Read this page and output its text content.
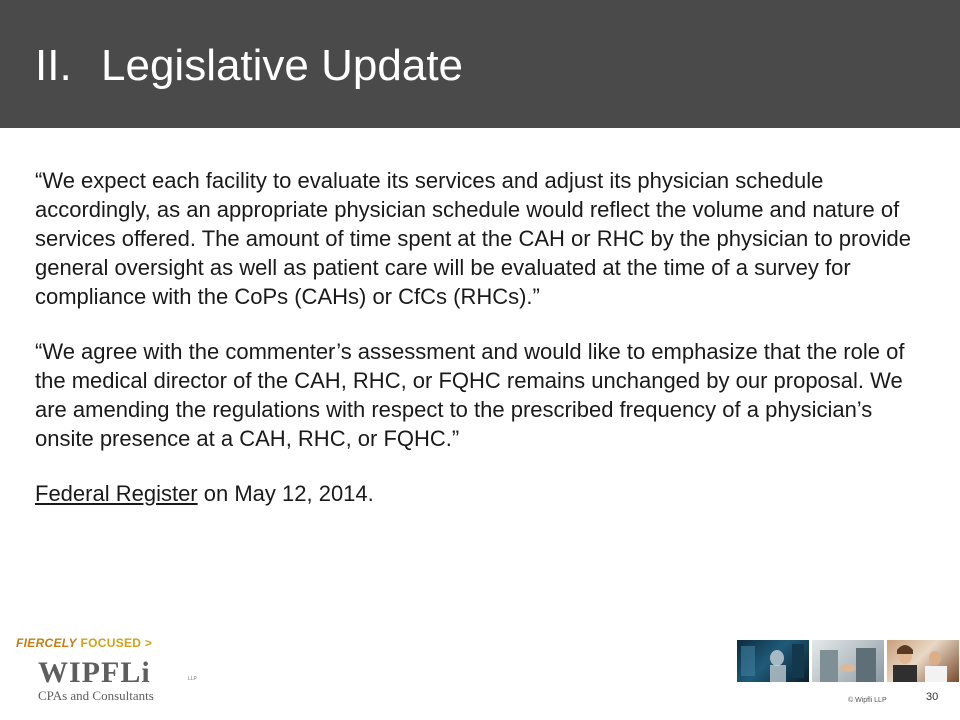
II. Legislative Update

“We expect each facility to evaluate its services and adjust its physician schedule accordingly, as an appropriate physician schedule would reflect the volume and nature of services offered. The amount of time spent at the CAH or RHC by the physician to provide general oversight as well as patient care will be evaluated at the time of a survey for compliance with the CoPs (CAHs) or CfCs (RHCs).”

“We agree with the commenter’s assessment and would like to emphasize that the role of the medical director of the CAH, RHC, or FQHC remains unchanged by our proposal. We are amending the regulations with respect to the prescribed frequency of a physician’s onsite presence at a CAH, RHC, or FQHC.”

Federal Register on May 12, 2014.

FIERCELY FOCUSED >
WIPFLi	LLP
CPAs and Consultants	© Wipfli LLP	30
